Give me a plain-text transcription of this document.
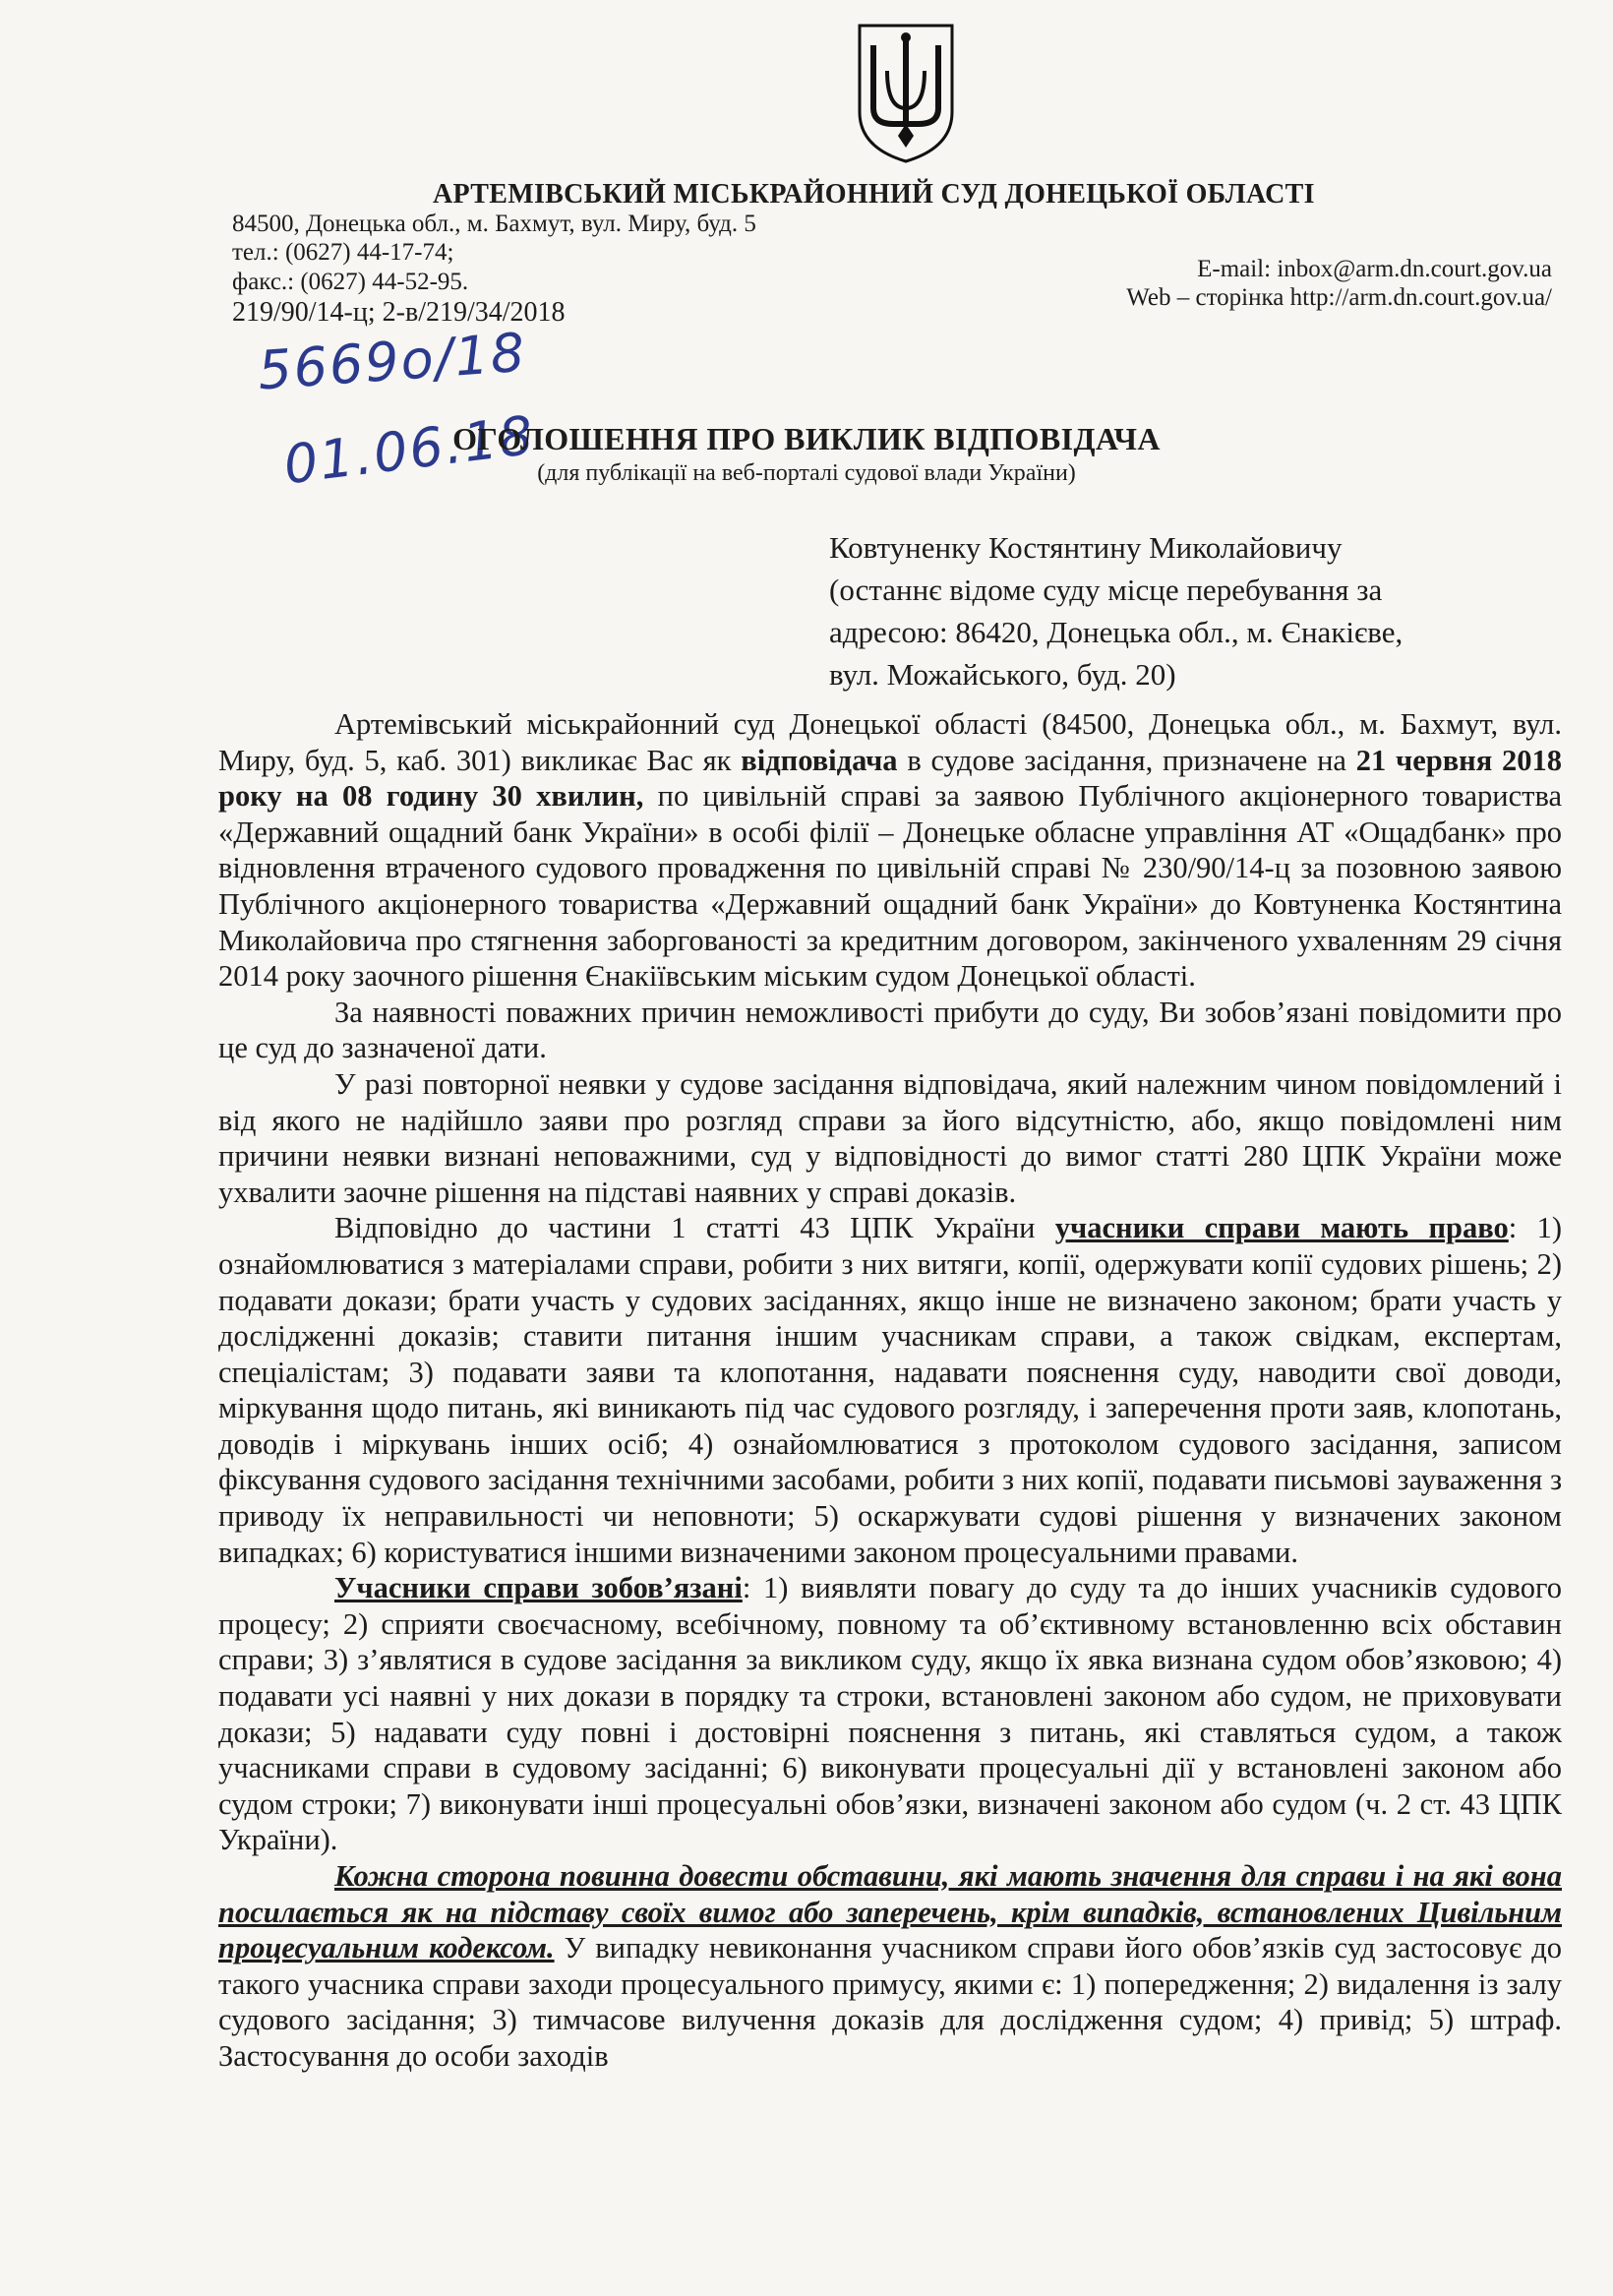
АРТЕМІВСЬКИЙ МІСЬКРАЙОННИЙ СУД ДОНЕЦЬКОЇ ОБЛАСТІ
84500, Донецька обл., м. Бахмут, вул. Миру, буд. 5
тел.: (0627) 44-17-74;
факс.: (0627) 44-52-95.	E-mail: inbox@arm.dn.court.gov.ua
Web – сторінка http://arm.dn.court.gov.ua/
219/90/14-ц; 2-в/219/34/2018
5669о/18
01.06.18
ОГОЛОШЕННЯ ПРО ВИКЛИК ВІДПОВІДАЧА
(для публікації на веб-порталі судової влади України)
Ковтуненку Костянтину Миколайовичу
(останнє відоме суду місце перебування за
адресою: 86420, Донецька обл., м. Єнакієве,
вул. Можайського, буд. 20)

Артемівський міськрайонний суд Донецької області (84500, Донецька обл., м. Бахмут, вул. Миру, буд. 5, каб. 301) викликає Вас як відповідача в судове засідання, призначене на 21 червня 2018 року на 08 годину 30 хвилин, по цивільній справі за заявою Публічного акціонерного товариства «Державний ощадний банк України» в особі філії – Донецьке обласне управління АТ «Ощадбанк» про відновлення втраченого судового провадження по цивільній справі № 230/90/14-ц за позовною заявою Публічного акціонерного товариства «Державний ощадний банк України» до Ковтуненка Костянтина Миколайовича про стягнення заборгованості за кредитним договором, закінченого ухваленням 29 січня 2014 року заочного рішення Єнакіївським міським судом Донецької області.

За наявності поважних причин неможливості прибути до суду, Ви зобов’язані повідомити про це суд до зазначеної дати.

У разі повторної неявки у судове засідання відповідача, який належним чином повідомлений і від якого не надійшло заяви про розгляд справи за його відсутністю, або, якщо повідомлені ним причини неявки визнані неповажними, суд у відповідності до вимог статті 280 ЦПК України може ухвалити заочне рішення на підставі наявних у справі доказів.

Відповідно до частини 1 статті 43 ЦПК України учасники справи мають право: 1) ознайомлюватися з матеріалами справи, робити з них витяги, копії, одержувати копії судових рішень; 2) подавати докази; брати участь у судових засіданнях, якщо інше не визначено законом; брати участь у дослідженні доказів; ставити питання іншим учасникам справи, а також свідкам, експертам, спеціалістам; 3) подавати заяви та клопотання, надавати пояснення суду, наводити свої доводи, міркування щодо питань, які виникають під час судового розгляду, і заперечення проти заяв, клопотань, доводів і міркувань інших осіб; 4) ознайомлюватися з протоколом судового засідання, записом фіксування судового засідання технічними засобами, робити з них копії, подавати письмові зауваження з приводу їх неправильності чи неповноти; 5) оскаржувати судові рішення у визначених законом випадках; 6) користуватися іншими визначеними законом процесуальними правами.

Учасники справи зобов’язані: 1) виявляти повагу до суду та до інших учасників судового процесу; 2) сприяти своєчасному, всебічному, повному та об’єктивному встановленню всіх обставин справи; 3) з’являтися в судове засідання за викликом суду, якщо їх явка визнана судом обов’язковою; 4) подавати усі наявні у них докази в порядку та строки, встановлені законом або судом, не приховувати докази; 5) надавати суду повні і достовірні пояснення з питань, які ставляться судом, а також учасниками справи в судовому засіданні; 6) виконувати процесуальні дії у встановлені законом або судом строки; 7) виконувати інші процесуальні обов’язки, визначені законом або судом (ч. 2 ст. 43 ЦПК України).

Кожна сторона повинна довести обставини, які мають значення для справи і на які вона посилається як на підставу своїх вимог або заперечень, крім випадків, встановлених Цивільним процесуальним кодексом. У випадку невиконання учасником справи його обов’язків суд застосовує до такого учасника справи заходи процесуального примусу, якими є: 1) попередження; 2) видалення із залу судового засідання; 3) тимчасове вилучення доказів для дослідження судом; 4) привід; 5) штраф. Застосування до особи заходів
